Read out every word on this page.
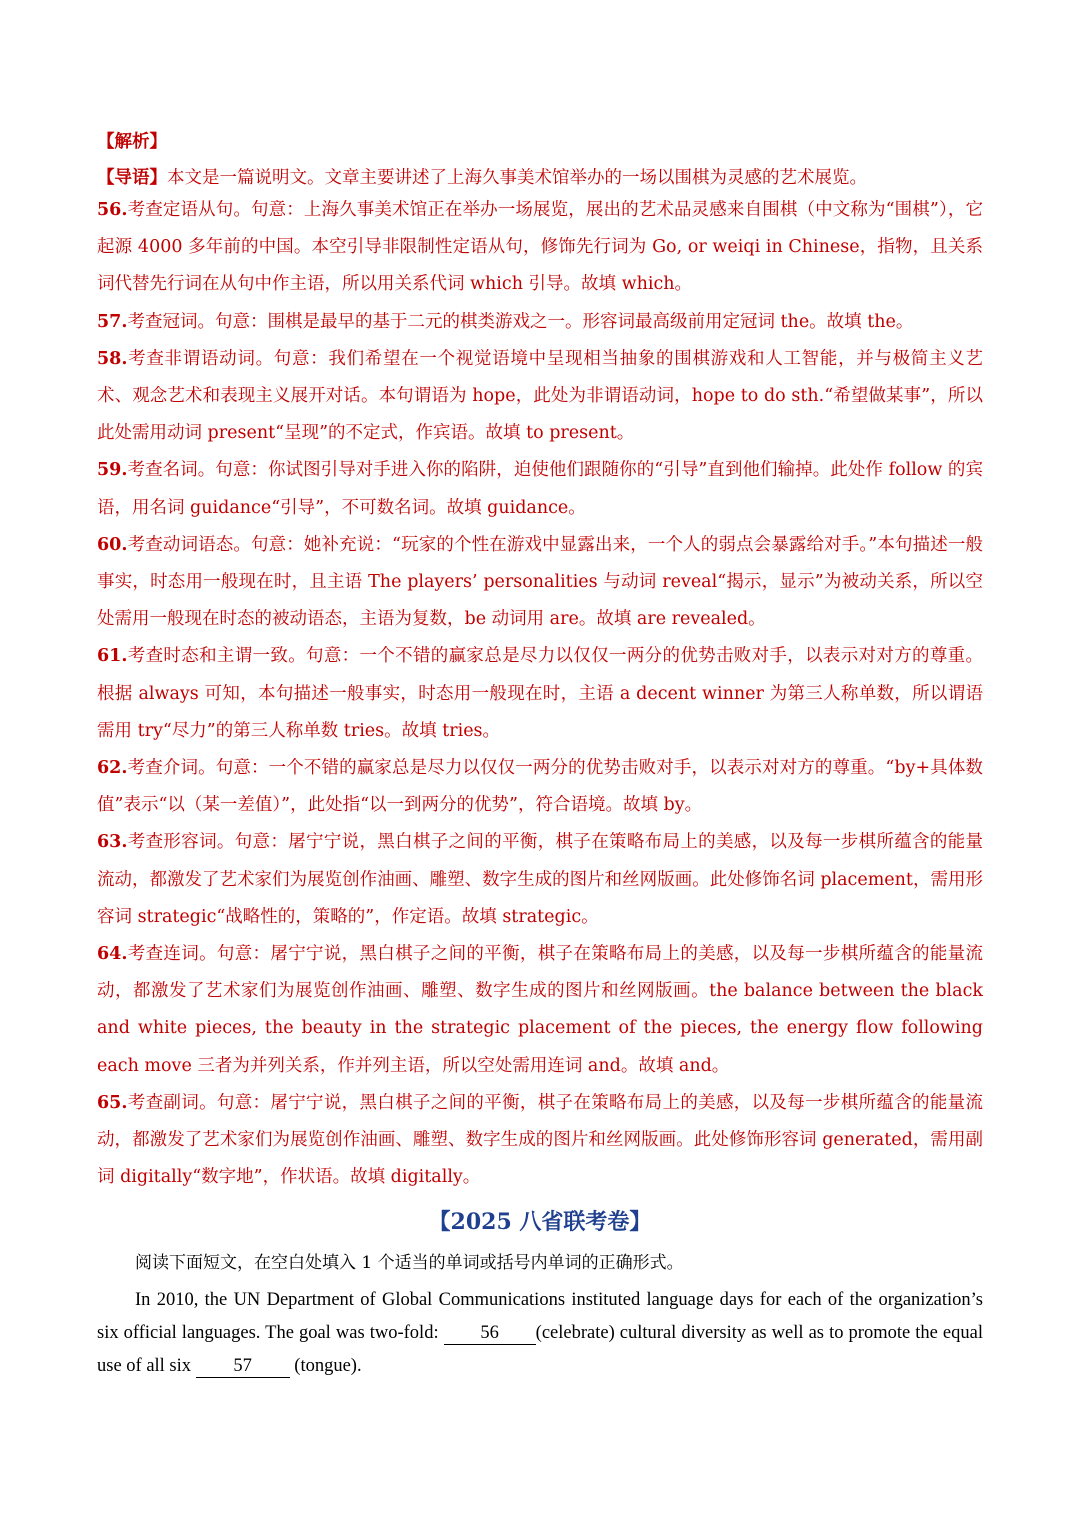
【解析】

【导语】本文是一篇说明文。文章主要讲述了上海久事美术馆举办的一场以围棋为灵感的艺术展览。

56.考查定语从句。句意：上海久事美术馆正在举办一场展览，展出的艺术品灵感来自围棋（中文称为“围棋”），它起源 4000 多年前的中国。本空引导非限制性定语从句，修饰先行词为 Go, or weiqi in Chinese，指物，且关系词代替先行词在从句中作主语，所以用关系代词 which 引导。故填 which。

57.考查冠词。句意：围棋是最早的基于二元的棋类游戏之一。形容词最高级前用定冠词 the。故填 the。

58.考查非谓语动词。句意：我们希望在一个视觉语境中呈现相当抽象的围棋游戏和人工智能，并与极简主义艺术、观念艺术和表现主义展开对话。本句谓语为 hope，此处为非谓语动词，hope to do sth.“希望做某事”，所以此处需用动词 present“呈现”的不定式，作宾语。故填 to present。

59.考查名词。句意：你试图引导对手进入你的陷阱，迫使他们跟随你的“引导”直到他们输掉。此处作 follow 的宾语，用名词 guidance“引导”，不可数名词。故填 guidance。

60.考查动词语态。句意：她补充说：“玩家的个性在游戏中显露出来，一个人的弱点会暴露给对手。”本句描述一般事实，时态用一般现在时，且主语 The players’ personalities 与动词 reveal“揭示，显示”为被动关系，所以空处需用一般现在时态的被动语态，主语为复数，be 动词用 are。故填 are revealed。

61.考查时态和主谓一致。句意：一个不错的赢家总是尽力以仅仅一两分的优势击败对手，以表示对对方的尊重。根据 always 可知，本句描述一般事实，时态用一般现在时，主语 a decent winner 为第三人称单数，所以谓语需用 try“尽力”的第三人称单数 tries。故填 tries。

62.考查介词。句意：一个不错的赢家总是尽力以仅仅一两分的优势击败对手，以表示对对方的尊重。“by+具体数值”表示“以（某一差值）”，此处指“以一到两分的优势”，符合语境。故填 by。

63.考查形容词。句意：屠宁宁说，黑白棋子之间的平衡，棋子在策略布局上的美感，以及每一步棋所蕴含的能量流动，都激发了艺术家们为展览创作油画、雕塑、数字生成的图片和丝网版画。此处修饰名词 placement，需用形容词 strategic“战略性的，策略的”，作定语。故填 strategic。

64.考查连词。句意：屠宁宁说，黑白棋子之间的平衡，棋子在策略布局上的美感，以及每一步棋所蕴含的能量流动，都激发了艺术家们为展览创作油画、雕塑、数字生成的图片和丝网版画。the balance between the black and white pieces, the beauty in the strategic placement of the pieces, the energy flow following each move 三者为并列关系，作并列主语，所以空处需用连词 and。故填 and。

65.考查副词。句意：屠宁宁说，黑白棋子之间的平衡，棋子在策略布局上的美感，以及每一步棋所蕴含的能量流动，都激发了艺术家们为展览创作油画、雕塑、数字生成的图片和丝网版画。此处修饰形容词 generated，需用副词 digitally“数字地”，作状语。故填 digitally。

【2025 八省联考卷】

阅读下面短文，在空白处填入 1 个适当的单词或括号内单词的正确形式。

In 2010, the UN Department of Global Communications instituted language days for each of the organization’s six official languages. The goal was two-fold: 56 (celebrate) cultural diversity as well as to promote the equal use of all six 57 (tongue).
